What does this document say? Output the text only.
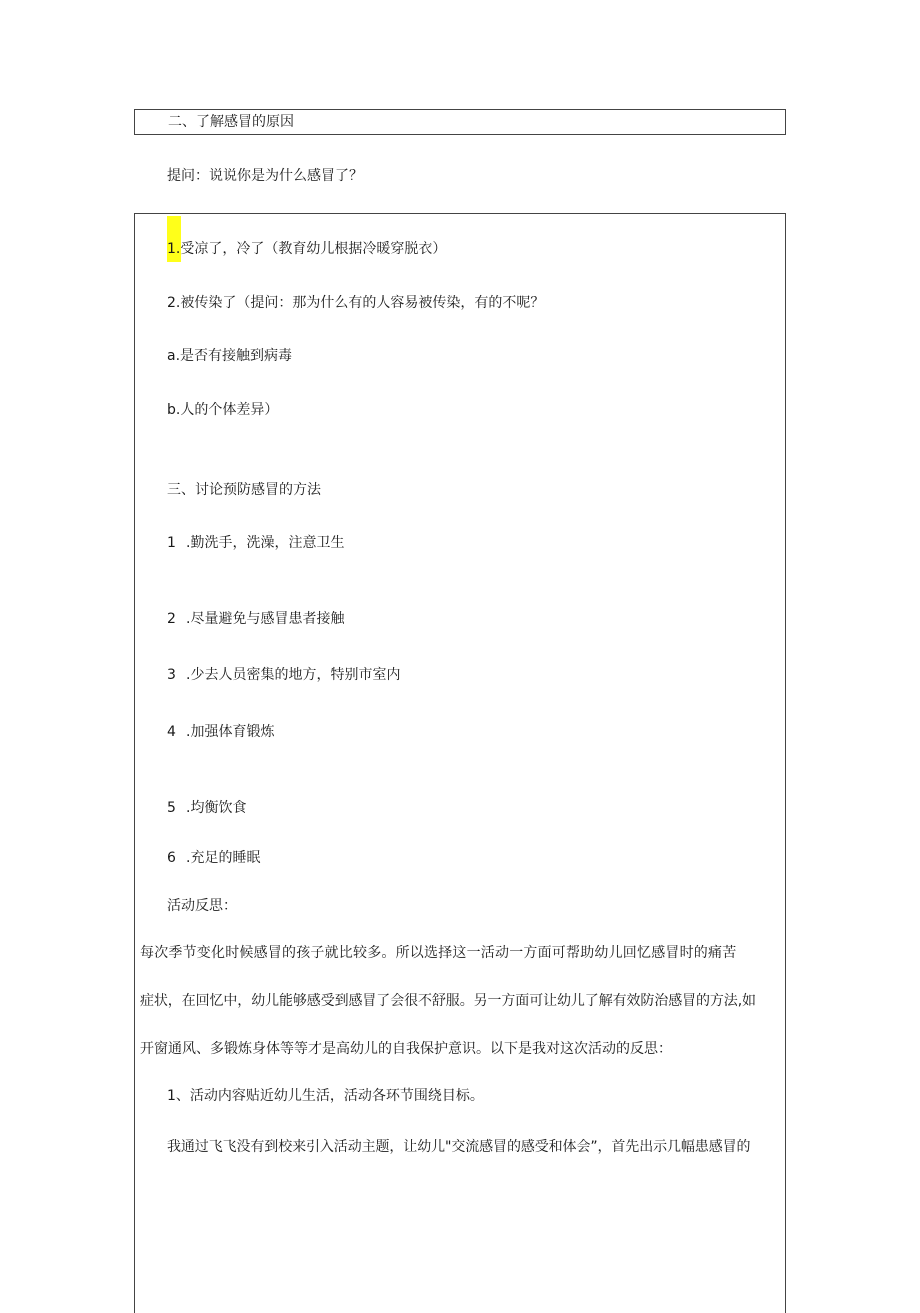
二、了解感冒的原因
提问：说说你是为什么感冒了？
1.受凉了，冷了（教育幼儿根据冷暖穿脱衣）
2.被传染了（提问：那为什么有的人容易被传染，有的不呢？
a.是否有接触到病毒
b.人的个体差异）
三、讨论预防感冒的方法
1 .勤洗手，洗澡，注意卫生
2 .尽量避免与感冒患者接触
3 .少去人员密集的地方，特别市室内
4 .加强体育锻炼
5 .均衡饮食
6 .充足的睡眠
活动反思：
每次季节变化时候感冒的孩子就比较多。所以选择这一活动一方面可帮助幼儿回忆感冒时的痛苦
症状，在回忆中，幼儿能够感受到感冒了会很不舒服。另一方面可让幼儿了解有效防治感冒的方法,如
开窗通风、多锻炼身体等等才是高幼儿的自我保护意识。以下是我对这次活动的反思：
1、活动内容贴近幼儿生活，活动各环节围绕目标。
我通过飞飞没有到校来引入活动主题，让幼儿"交流感冒的感受和体会”，首先出示几幅患感冒的
